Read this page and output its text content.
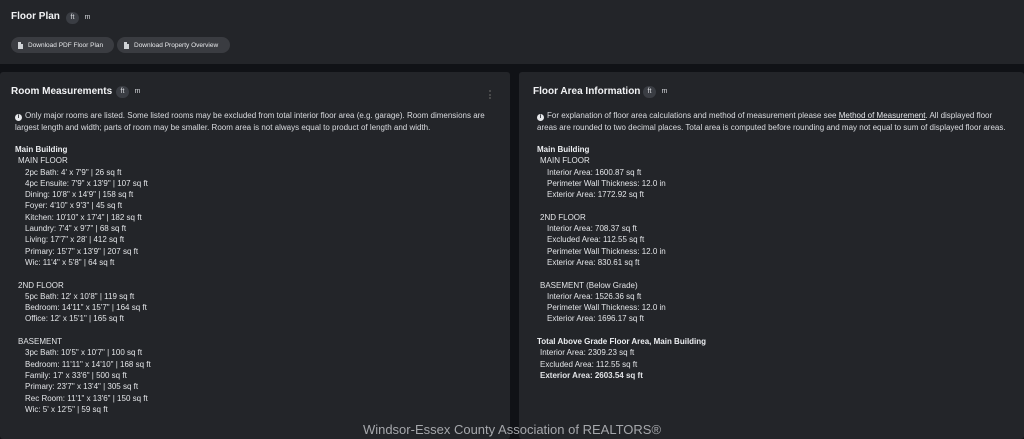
Floor Plan	ft	m
Download PDF Floor Plan	Download Property Overview
Room Measurements	ft	m
i Only major rooms are listed. Some listed rooms may be excluded from total interior floor area (e.g. garage). Room dimensions are largest length and width; parts of room may be smaller. Room area is not always equal to product of length and width.
Main Building
MAIN FLOOR
2pc Bath: 4' x 7'9" | 26 sq ft
4pc Ensuite: 7'9" x 13'9" | 107 sq ft
Dining: 10'8" x 14'9" | 158 sq ft
Foyer: 4'10" x 9'3" | 45 sq ft
Kitchen: 10'10" x 17'4" | 182 sq ft
Laundry: 7'4" x 9'7" | 68 sq ft
Living: 17'7" x 28' | 412 sq ft
Primary: 15'7" x 13'9" | 207 sq ft
Wic: 11'4" x 5'8" | 64 sq ft
2ND FLOOR
5pc Bath: 12' x 10'8" | 119 sq ft
Bedroom: 14'11" x 15'7" | 164 sq ft
Office: 12' x 15'1" | 165 sq ft
BASEMENT
3pc Bath: 10'5" x 10'7" | 100 sq ft
Bedroom: 11'11" x 14'10" | 168 sq ft
Family: 17' x 33'6" | 500 sq ft
Primary: 23'7" x 13'4" | 305 sq ft
Rec Room: 11'1" x 13'6" | 150 sq ft
Wic: 5' x 12'5" | 59 sq ft
Floor Area Information	ft	m
i For explanation of floor area calculations and method of measurement please see Method of Measurement. All displayed floor areas are rounded to two decimal places. Total area is computed before rounding and may not equal to sum of displayed floor areas.
Main Building
MAIN FLOOR
Interior Area: 1600.87 sq ft
Perimeter Wall Thickness: 12.0 in
Exterior Area: 1772.92 sq ft
2ND FLOOR
Interior Area: 708.37 sq ft
Excluded Area: 112.55 sq ft
Perimeter Wall Thickness: 12.0 in
Exterior Area: 830.61 sq ft
BASEMENT (Below Grade)
Interior Area: 1526.36 sq ft
Perimeter Wall Thickness: 12.0 in
Exterior Area: 1696.17 sq ft
Total Above Grade Floor Area, Main Building
Interior Area: 2309.23 sq ft
Excluded Area: 112.55 sq ft
Exterior Area: 2603.54 sq ft
Windsor-Essex County Association of REALTORS®
